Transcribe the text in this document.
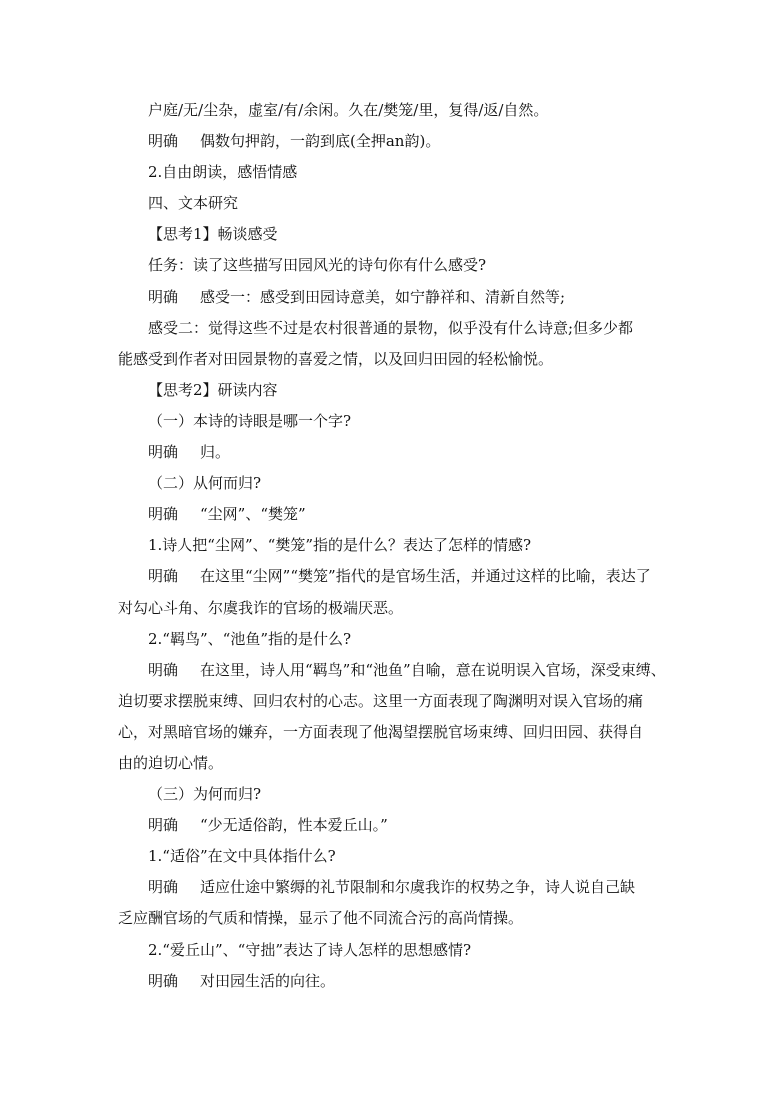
户庭/无/尘杂，虚室/有/余闲。久在/樊笼/里，复得/返/自然。
明确 偶数句押韵，一韵到底(全押an韵)。
2.自由朗读，感悟情感
四、文本研究
【思考1】畅谈感受
任务：读了这些描写田园风光的诗句你有什么感受?
明确 感受一：感受到田园诗意美，如宁静祥和、清新自然等;
感受二：觉得这些不过是农村很普通的景物，似乎没有什么诗意;但多少都
能感受到作者对田园景物的喜爱之情，以及回归田园的轻松愉悦。
【思考2】研读内容
（一）本诗的诗眼是哪一个字?
明确 归。
（二）从何而归?
明确 “尘网”、“樊笼”
1.诗人把“尘网”、“樊笼”指的是什么？表达了怎样的情感?
明确 在这里“尘网”“樊笼”指代的是官场生活，并通过这样的比喻，表达了
对勾心斗角、尔虞我诈的官场的极端厌恶。
2.“羁鸟”、“池鱼”指的是什么?
明确 在这里，诗人用“羁鸟”和“池鱼”自喻，意在说明误入官场，深受束缚、
迫切要求摆脱束缚、回归农村的心志。这里一方面表现了陶渊明对误入官场的痛
心，对黑暗官场的嫌弃，一方面表现了他渴望摆脱官场束缚、回归田园、获得自
由的迫切心情。
（三）为何而归?
明确 “少无适俗韵，性本爱丘山。”
1.“适俗”在文中具体指什么?
明确 适应仕途中繁缛的礼节限制和尔虞我诈的权势之争，诗人说自己缺
乏应酬官场的气质和情操，显示了他不同流合污的高尚情操。
2.“爱丘山”、“守拙”表达了诗人怎样的思想感情?
明确 对田园生活的向往。
